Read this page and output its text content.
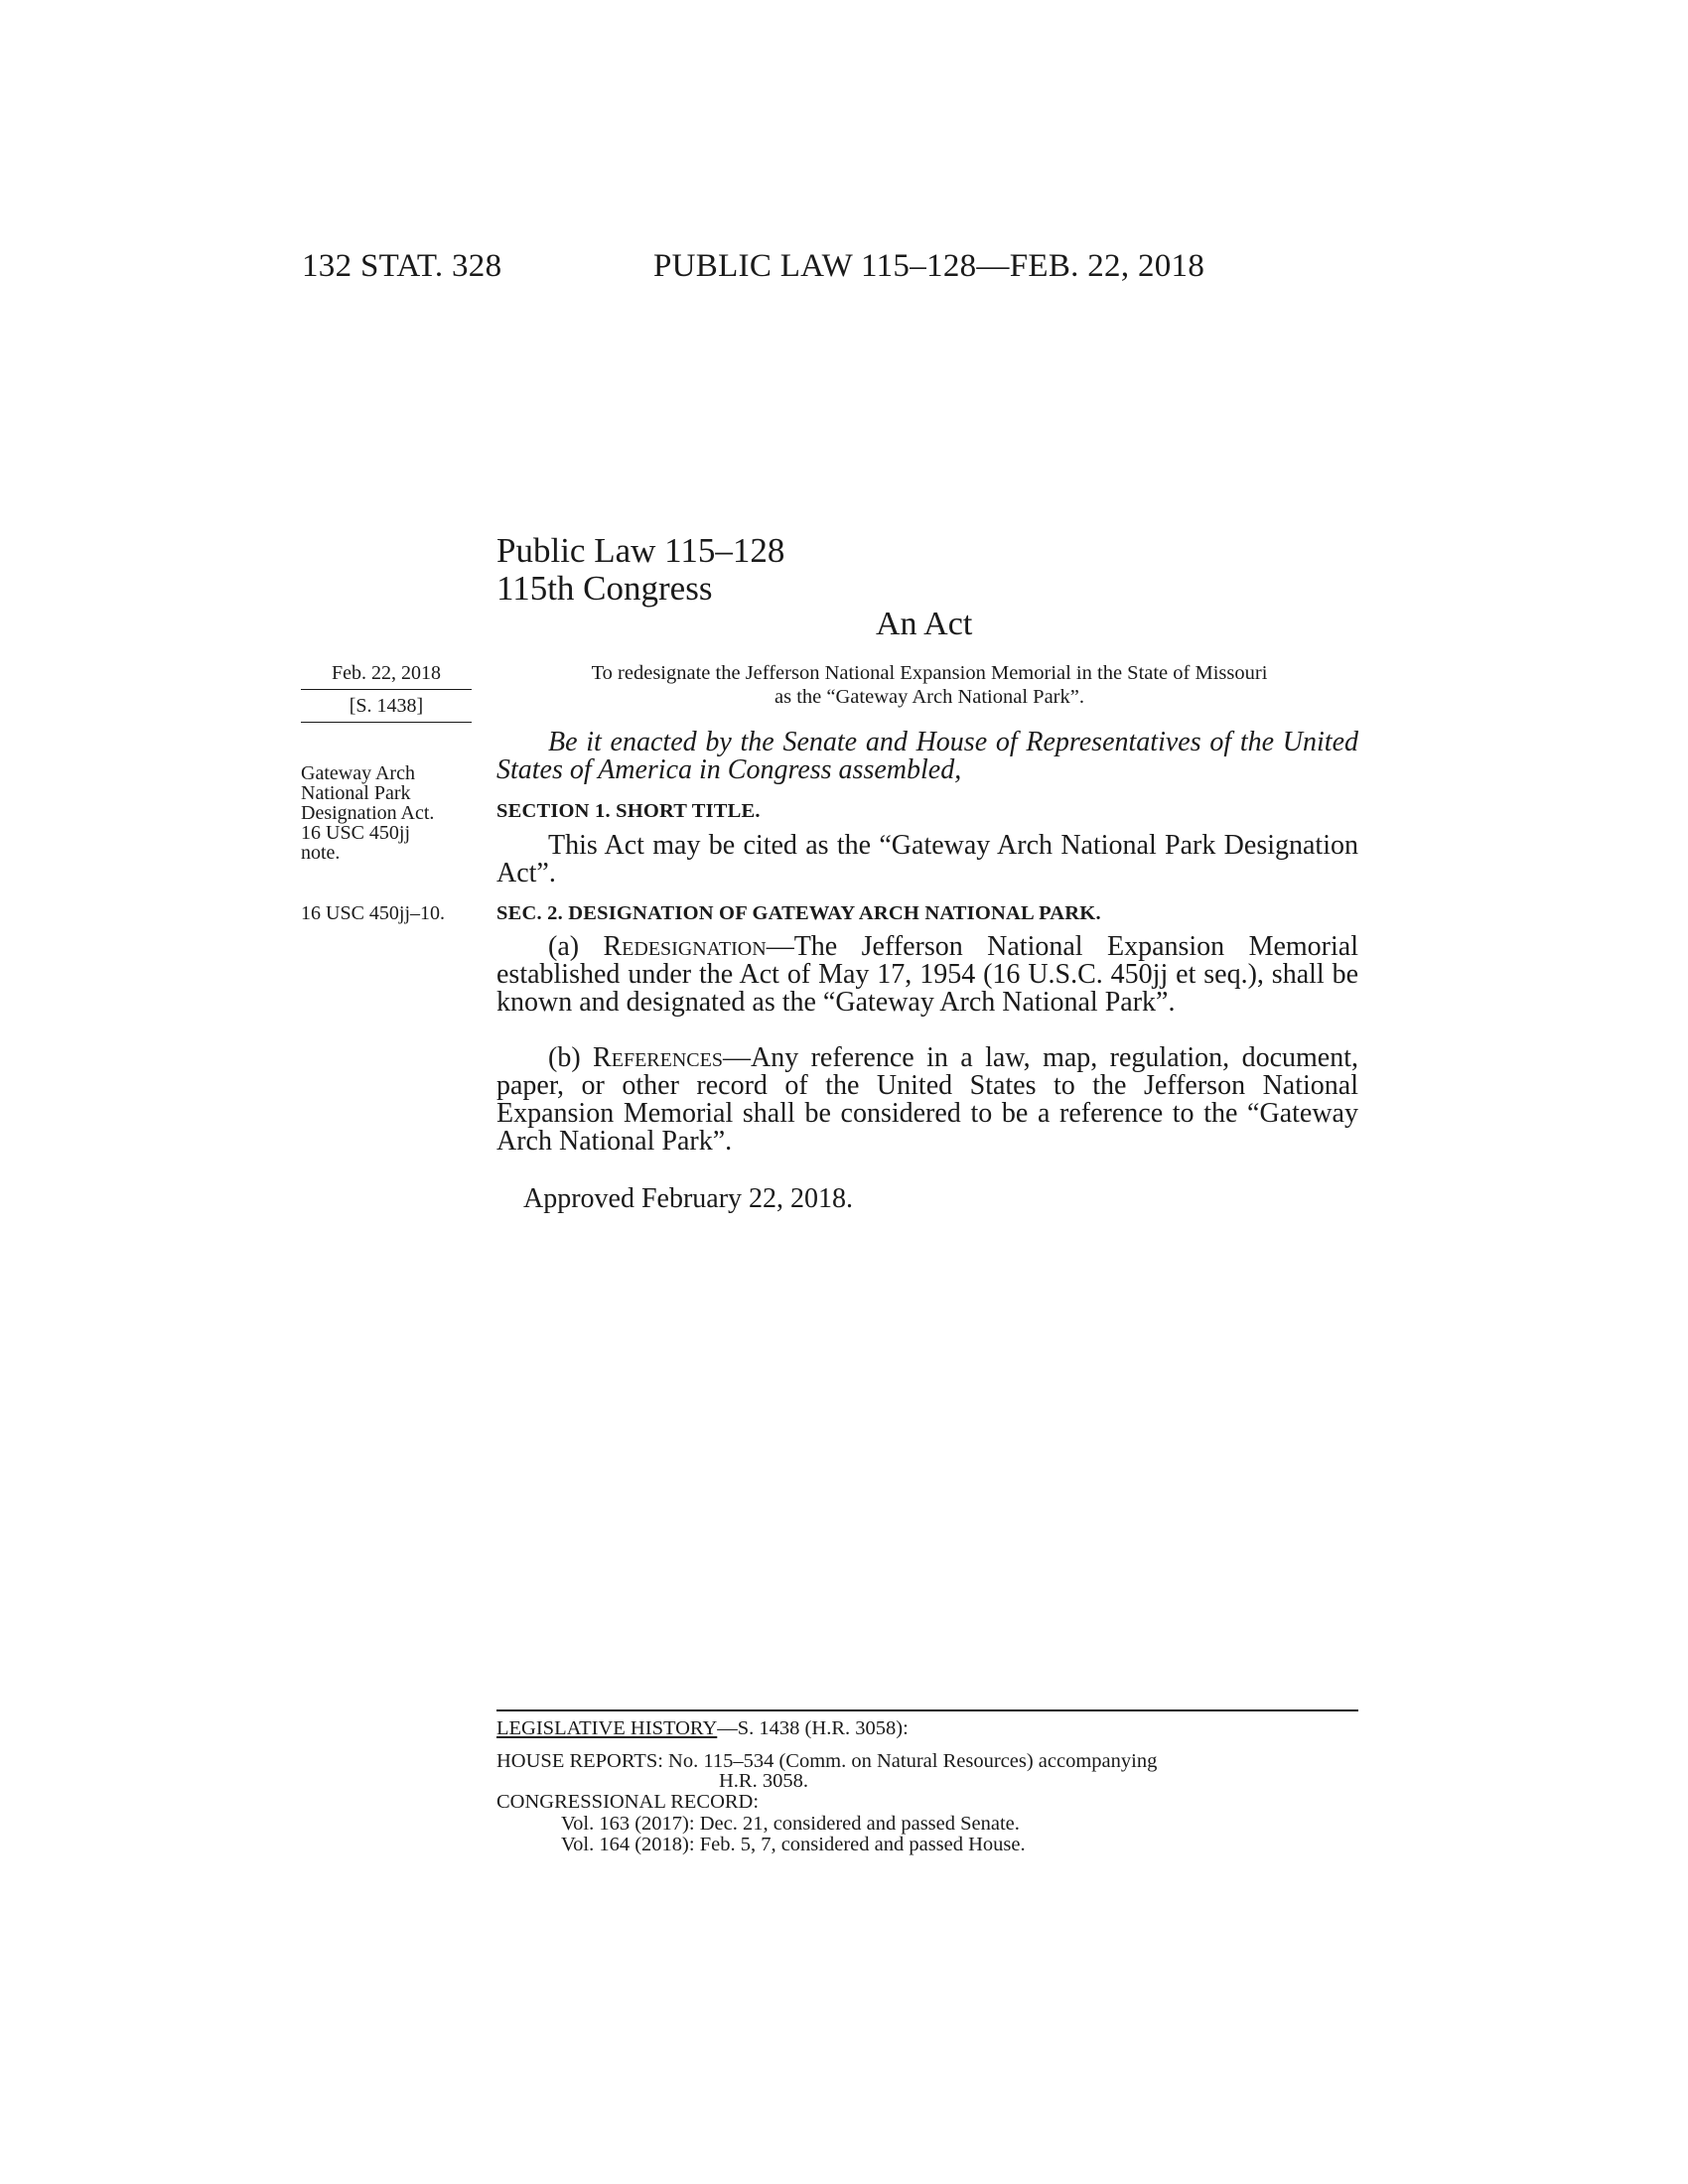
132 STAT. 328	PUBLIC LAW 115–128—FEB. 22, 2018
Public Law 115–128
115th Congress
An Act
Feb. 22, 2018
[S. 1438]
To redesignate the Jefferson National Expansion Memorial in the State of Missouri
as the “Gateway Arch National Park”.
Gateway Arch
National Park
Designation Act.
16 USC 450jj
note.

Be it enacted by the Senate and House of Representatives of the United States of America in Congress assembled,

SECTION 1. SHORT TITLE.

This Act may be cited as the “Gateway Arch National Park Designation Act”.

16 USC 450jj–10.	SEC. 2. DESIGNATION OF GATEWAY ARCH NATIONAL PARK.

(a) Redesignation—The Jefferson National Expansion Memorial established under the Act of May 17, 1954 (16 U.S.C. 450jj et seq.), shall be known and designated as the “Gateway Arch National Park”.

(b) References—Any reference in a law, map, regulation, document, paper, or other record of the United States to the Jefferson National Expansion Memorial shall be considered to be a reference to the “Gateway Arch National Park”.

Approved February 22, 2018.
LEGISLATIVE HISTORY—S. 1438 (H.R. 3058):
HOUSE REPORTS: No. 115–534 (Comm. on Natural Resources) accompanying
H.R. 3058.
CONGRESSIONAL RECORD:
Vol. 163 (2017): Dec. 21, considered and passed Senate.
Vol. 164 (2018): Feb. 5, 7, considered and passed House.
